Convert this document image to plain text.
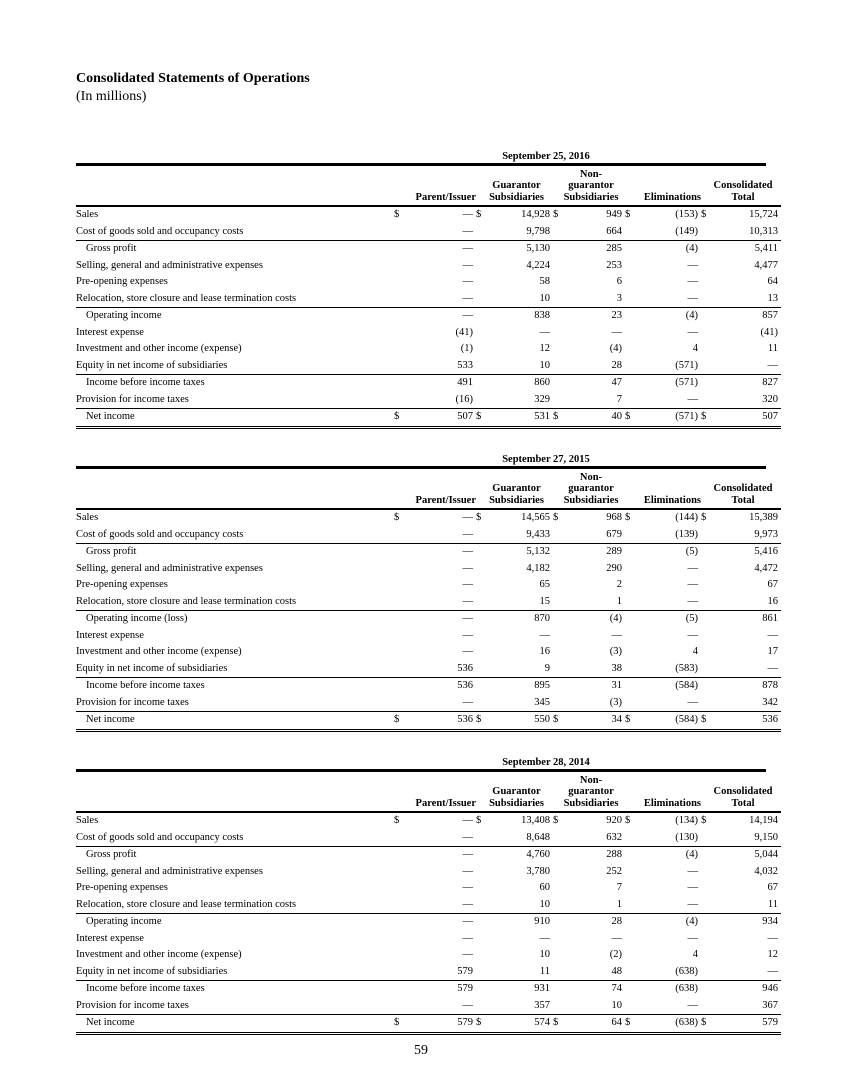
Consolidated Statements of Operations
(In millions)
September 25, 2016
	Parent/Issuer		Guarantor Subsidiaries		Non- guarantor Subsidiaries		Eliminations		Consolidated Total	
Sales	$	—	$	14,928	$	949	$	(153)	$	15,724
Cost of goods sold and occupancy costs		—		9,798		664		(149)		10,313
Gross profit		—		5,130		285		(4)		5,411
Selling, general and administrative expenses		—		4,224		253		—		4,477
Pre-opening expenses		—		58		6		—		64
Relocation, store closure and lease termination costs		—		10		3		—		13
Operating income		—		838		23		(4)		857
Interest expense		(41)		—		—		—		(41)
Investment and other income (expense)		(1)		12		(4)		4		11
Equity in net income of subsidiaries		533		10		28		(571)		—
Income before income taxes		491		860		47		(571)		827
Provision for income taxes		(16)		329		7		—		320
Net income	$	507	$	531	$	40	$	(571)	$	507
September 27, 2015
	Parent/Issuer		Guarantor Subsidiaries		Non- guarantor Subsidiaries		Eliminations		Consolidated Total	
Sales	$	—	$	14,565	$	968	$	(144)	$	15,389
Cost of goods sold and occupancy costs		—		9,433		679		(139)		9,973
Gross profit		—		5,132		289		(5)		5,416
Selling, general and administrative expenses		—		4,182		290		—		4,472
Pre-opening expenses		—		65		2		—		67
Relocation, store closure and lease termination costs		—		15		1		—		16
Operating income (loss)		—		870		(4)		(5)		861
Interest expense		—		—		—		—		—
Investment and other income (expense)		—		16		(3)		4		17
Equity in net income of subsidiaries		536		9		38		(583)		—
Income before income taxes		536		895		31		(584)		878
Provision for income taxes		—		345		(3)		—		342
Net income	$	536	$	550	$	34	$	(584)	$	536
September 28, 2014
	Parent/Issuer		Guarantor Subsidiaries		Non- guarantor Subsidiaries		Eliminations		Consolidated Total	
Sales	$	—	$	13,408	$	920	$	(134)	$	14,194
Cost of goods sold and occupancy costs		—		8,648		632		(130)		9,150
Gross profit		—		4,760		288		(4)		5,044
Selling, general and administrative expenses		—		3,780		252		—		4,032
Pre-opening expenses		—		60		7		—		67
Relocation, store closure and lease termination costs		—		10		1		—		11
Operating income		—		910		28		(4)		934
Interest expense		—		—		—		—		—
Investment and other income (expense)		—		10		(2)		4		12
Equity in net income of subsidiaries		579		11		48		(638)		—
Income before income taxes		579		931		74		(638)		946
Provision for income taxes		—		357		10		—		367
Net income	$	579	$	574	$	64	$	(638)	$	579
59
